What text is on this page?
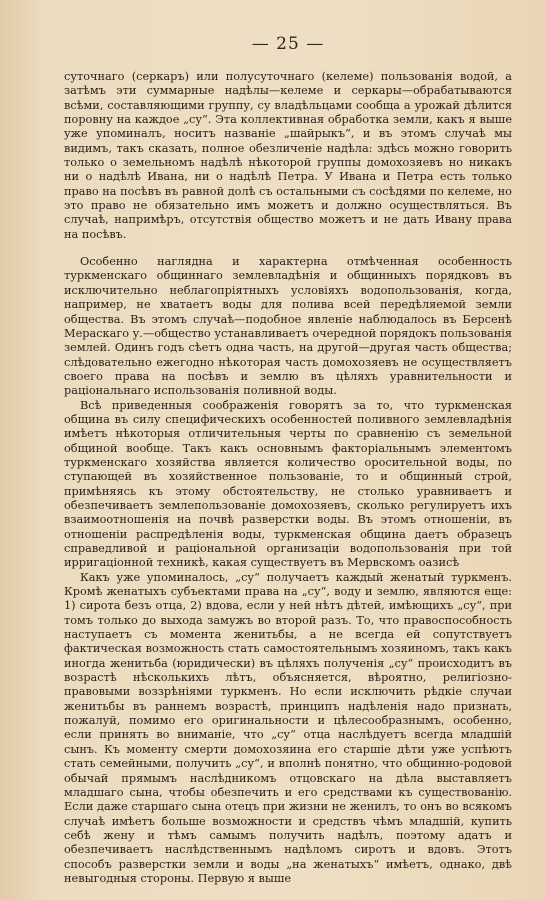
— 25 —

суточнаго (серкаръ) или полусуточнаго (келеме) пользованія водой, а затѣмъ эти суммарные надѣлы—келеме и серкары—обрабатываются всѣми, составляющими группу, су владѣльцами сообща а урожай дѣлится поровну на каждое „су“. Эта коллективная обработка земли, какъ я выше уже упоминалъ, носитъ названіе „шайрыкъ“, и въ этомъ случаѣ мы видимъ, такъ сказать, полное обезличеніе надѣла: здѣсь можно говорить только о земельномъ надѣлѣ нѣкоторой группы домохозяевъ но никакъ ни о надѣлѣ Ивана, ни о надѣлѣ Петра. У Ивана и Петра есть только право на посѣвъ въ равной долѣ съ остальными съ сосѣдями по келеме, но это право не обязательно имъ можетъ и должно осуществляться. Въ случаѣ, напримѣръ, отсутствія общество можетъ и не дать Ивану права на посѣвъ.

Особенно наглядна и характерна отмѣченная особенность туркменскаго общиннаго землевладѣнія и общинныхъ порядковъ въ исключительно неблагопріятныхъ условіяхъ водопользованія, когда, например, не хватаетъ воды для полива всей передѣляемой земли общества. Въ этомъ случаѣ—подобное явленіе наблюдалось въ Берсенѣ Мераскаго у.—общество устанавливаетъ очередной порядокъ пользованія землей. Одинъ годъ сѣетъ одна часть, на другой—другая часть общества; слѣдовательно ежегодно нѣкоторая часть домохозяевъ не осуществляетъ своего права на посѣвъ и землю въ цѣляхъ уравнительности и раціональнаго использованія поливной воды.

Всѣ приведенныя соображенія говорятъ за то, что туркменская община въ силу специфическихъ особенностей поливного землевладѣнія имѣетъ нѣкоторыя отличительныя черты по сравненію съ земельной общиной вообще. Такъ какъ основнымъ факторіальнымъ элементомъ туркменскаго хозяйства является количество оросительной воды, по ступающей въ хозяйственное пользованіе, то и общинный строй, примѣняясь къ этому обстоятельству, не столько уравниваетъ и обезпечиваетъ землепользованіе домохозяевъ, сколько регулируетъ ихъ взаимоотношенія на почвѣ разверстки воды. Въ этомъ отношеніи, въ отношеніи распредѣленія воды, туркменская община даетъ образецъ справедливой и раціональной организаціи водопользованія при той ирригаціонной техникѣ, какая существуетъ въ Мервскомъ оазисѣ

Какъ уже упоминалось, „су“ получаетъ каждый женатый туркменъ. Кромѣ женатыхъ субъектами права на „су“, воду и землю, являются еще: 1) сирота безъ отца, 2) вдова, если у ней нѣтъ дѣтей, имѣющихъ „су“, при томъ только до выхода замужъ во второй разъ. То, что правоспособность наступаетъ съ момента женитьбы, а не всегда ей сопутствуетъ фактическая возможность стать самостоятельнымъ хозяиномъ, такъ какъ иногда женитьба (юридически) въ цѣляхъ полученія „су“ происходитъ въ возрастѣ нѣсколькихъ лѣтъ, объясняется, вѣроятно, религіозно-правовыми воззрѣніями туркменъ. Но если исключить рѣдкіе случаи женитьбы въ раннемъ возрастѣ, принципъ надѣленія надо признать, пожалуй, помимо его оригинальности и цѣлесообразнымъ, особенно, если принять во вниманіе, что „су“ отца наслѣдуетъ всегда младшій сынъ. Къ моменту смерти домохозяина его старшіе дѣти уже успѣютъ стать семейными, получить „су“, и вполнѣ понятно, что общинно-родовой обычай прямымъ наслѣдникомъ отцовскаго на дѣла выставляетъ младшаго сына, чтобы обезпечить и его средствами къ существованію. Если даже старшаго сына отецъ при жизни не женилъ, то онъ во всякомъ случаѣ имѣетъ больше возможности и средствъ чѣмъ младшій, купить себѣ жену и тѣмъ самымъ получить надѣлъ, поэтому адатъ и обезпечиваетъ наслѣдственнымъ надѣломъ сиротъ и вдовъ. Этотъ способъ разверстки земли и воды „на женатыхъ“ имѣетъ, однако, двѣ невыгодныя стороны. Первую я выше
